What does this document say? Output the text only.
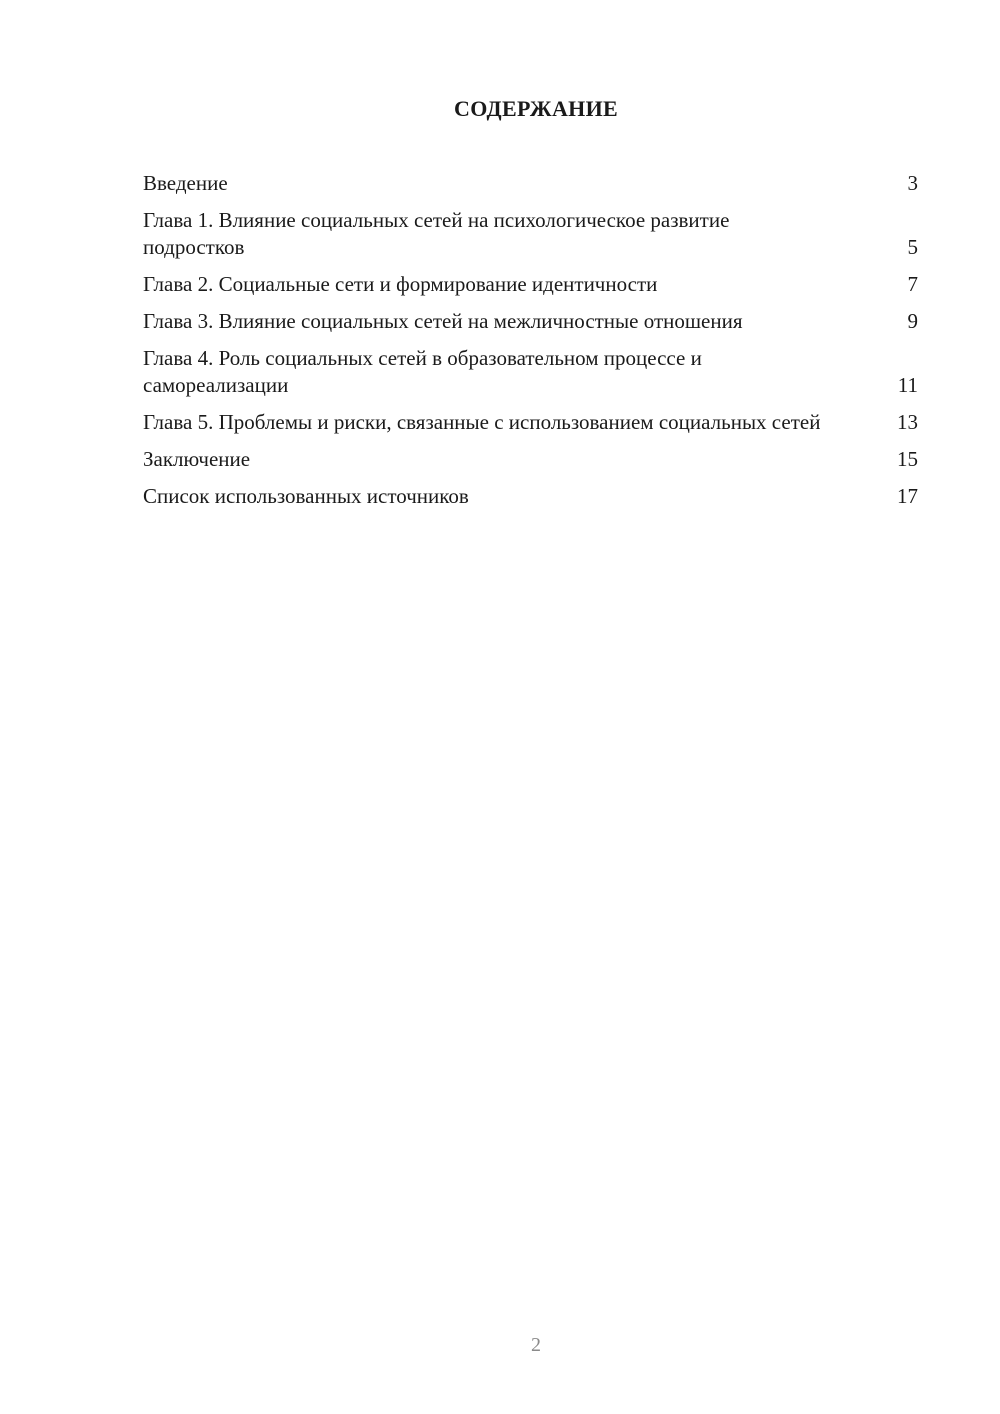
СОДЕРЖАНИЕ
Введение	3
Глава 1. Влияние социальных сетей на психологическое развитие подростков	5
Глава 2. Социальные сети и формирование идентичности	7
Глава 3. Влияние социальных сетей на межличностные отношения	9
Глава 4. Роль социальных сетей в образовательном процессе и самореализации	11
Глава 5. Проблемы и риски, связанные с использованием социальных сетей	13
Заключение	15
Список использованных источников	17
2
